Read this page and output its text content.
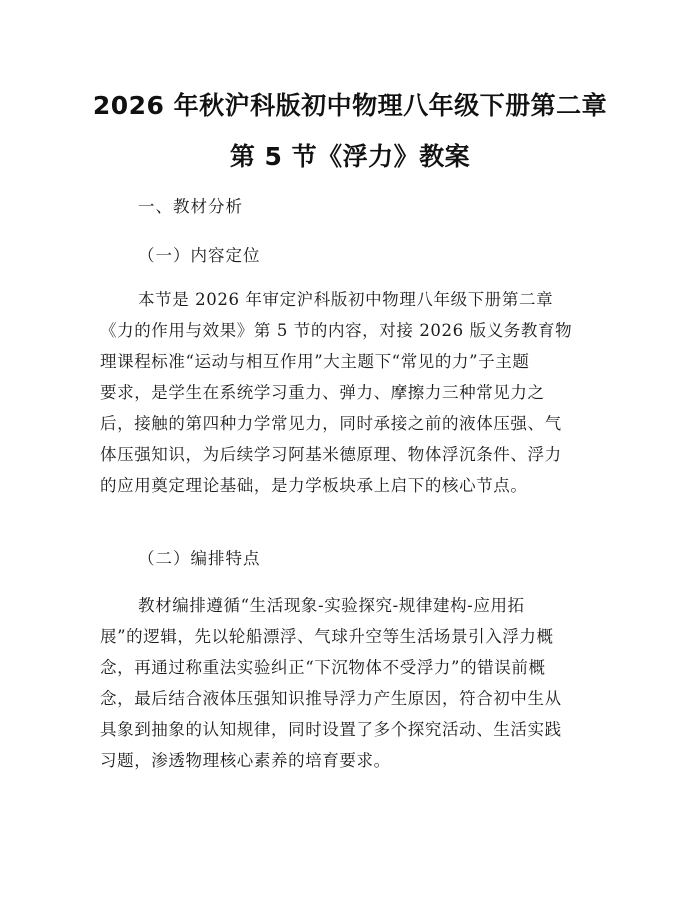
2026 年秋沪科版初中物理八年级下册第二章
第 5 节《浮力》教案
一、教材分析
（一）内容定位
本节是 2026 年审定沪科版初中物理八年级下册第二章
《力的作用与效果》第 5 节的内容，对接 2026 版义务教育物
理课程标准“运动与相互作用”大主题下“常见的力”子主题
要求，是学生在系统学习重力、弹力、摩擦力三种常见力之
后，接触的第四种力学常见力，同时承接之前的液体压强、气
体压强知识，为后续学习阿基米德原理、物体浮沉条件、浮力
的应用奠定理论基础，是力学板块承上启下的核心节点。
（二）编排特点
教材编排遵循“生活现象-实验探究-规律建构-应用拓
展”的逻辑，先以轮船漂浮、气球升空等生活场景引入浮力概
念，再通过称重法实验纠正“下沉物体不受浮力”的错误前概
念，最后结合液体压强知识推导浮力产生原因，符合初中生从
具象到抽象的认知规律，同时设置了多个探究活动、生活实践
习题，渗透物理核心素养的培育要求。
